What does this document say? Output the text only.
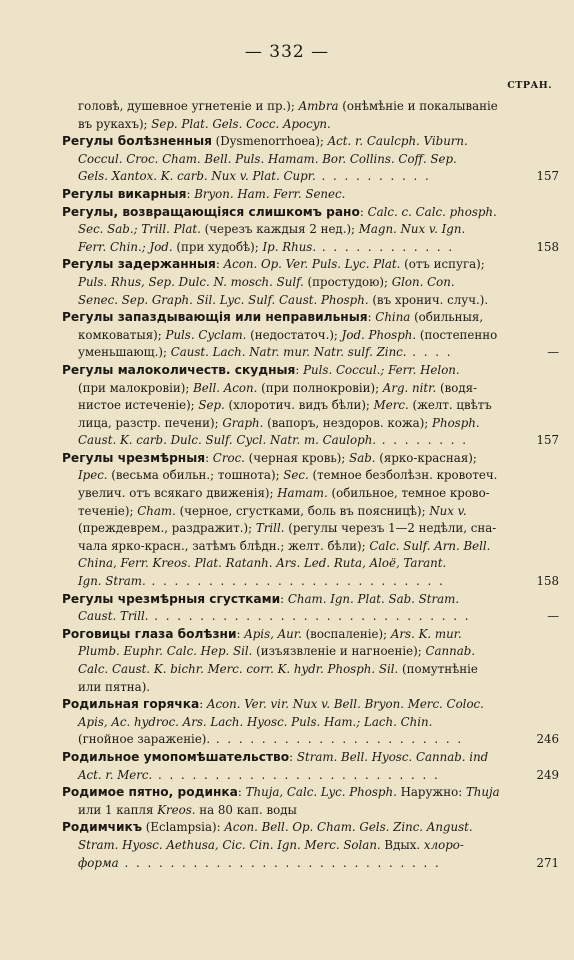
— 332 —
СТРАН.
головѣ, душевное угнетеніе и пр.); Ambra (онѣмѣніе и покалываніе
въ рукахъ); Sep. Plat. Gels. Cocc. Apocyn.
Регулы болѣзненныя (Dysmenorrhoea); Act. r. Caulcph. Viburn.
Coccul. Croc. Cham. Bell. Puls. Hamam. Bor. Collins. Coff. Sep.
Gels. Xantox. K. carb. Nux v. Plat. Cupr. . . . . . . . . . .	157
Регулы викарныя: Bryon. Ham. Ferr. Senec.
Регулы, возвращающіяся слишкомъ рано: Calc. c. Calc. phosph.
Sec. Sab.; Trill. Plat. (черезъ каждыя 2 нед.); Magn. Nux v. Ign.
Ferr. Chin.; Jod. (при худобѣ); Ip. Rhus. . . . . . . . . . . . .	158
Регулы задержанныя: Acon. Op. Ver. Puls. Lyc. Plat. (отъ испуга);
Puls. Rhus, Sep. Dulc. N. mosch. Sulf. (простудою); Glon. Con.
Senec. Sep. Graph. Sil. Lyc. Sulf. Caust. Phosph. (въ хронич. случ.).
Регулы запаздывающія или неправильныя: China (обильныя,
комковатыя); Puls. Cyclam. (недостаточ.); Jod. Phosph. (постепенно
уменьшающ.); Caust. Lach. Natr. mur. Natr. sulf. Zinc. . . . .	—
Регулы малоколичеств. скудныя: Puls. Coccul.; Ferr. Helon.
(при малокровіи); Bell. Acon. (при полнокровіи); Arg. nitr. (водя-
нистое истеченіе); Sep. (хлоротич. видъ бѣли); Merc. (желт. цвѣтъ
лица, разстр. печени); Graph. (вапоръ, нездоров. кожа); Phosph.
Caust. K. carb. Dulc. Sulf. Cycl. Natr. m. Caulоph. . . . . . . . .	157
Регулы чрезмѣрныя: Croc. (черная кровь); Sab. (ярко-красная);
Ipec. (весьма обильн.; тошнота); Sec. (темное безболѣзн. кровотеч.
увелич. отъ всякаго движенія); Hamam. (обильное, темное крово-
теченіе); Cham. (черное, сгустками, боль въ поясницѣ); Nux v.
(преждеврем., раздражит.); Trill. (регулы черезъ 1—2 недѣли, сна-
чала ярко-красн., затѣмъ блѣдн.; желт. бѣли); Calc. Sulf. Arn. Bell.
China, Ferr. Kreos. Plat. Ratanh. Ars. Led. Ruta, Aloë, Tarant.
Ign. Stram. . . . . . . . . . . . . . . . . . . . . . . . . . .	158
Регулы чрезмѣрныя сгустками: Cham. Ign. Plat. Sab. Stram.
Caust. Trill. . . . . . . . . . . . . . . . . . . . . . . . . . . . .	—
Роговицы глаза болѣзни: Apis, Aur. (воспаленіе); Ars. K. mur.
Plumb. Euphr. Calc. Hep. Sil. (изъязвленіе и нагноеніе); Cannab.
Calc. Caust. K. bichr. Merc. corr. K. hydr. Phosph. Sil. (помутнѣніе
или пятна).
Родильная горячка: Acon. Ver. vir. Nux v. Bell. Bryon. Merc. Coloc.
Apis, Ac. hydroc. Ars. Lach. Hyosc. Puls. Ham.; Lach. Chin.
(гнойное зараженіе). . . . . . . . . . . . . . . . . . . . . . .	246
Родильное умопомѣшательство: Stram. Bell. Hyosc. Cannab. ind
Act. r. Merc. . . . . . . . . . . . . . . . . . . . . . . . . .	249
Родимое пятно, родинка: Thuja, Calc. Lyc. Phosph. Наружно: Thuja
или 1 капля Kreos. на 80 кап. воды
Родимчикъ (Eclampsia): Acon. Bell. Op. Cham. Gels. Zinc. Angust.
Stram. Hyosc. Aethusa, Cic. Cin. Ign. Merc. Solan. Вдых. хлоро-
форма . . . . . . . . . . . . . . . . . . . . . . . . . . . .	271
